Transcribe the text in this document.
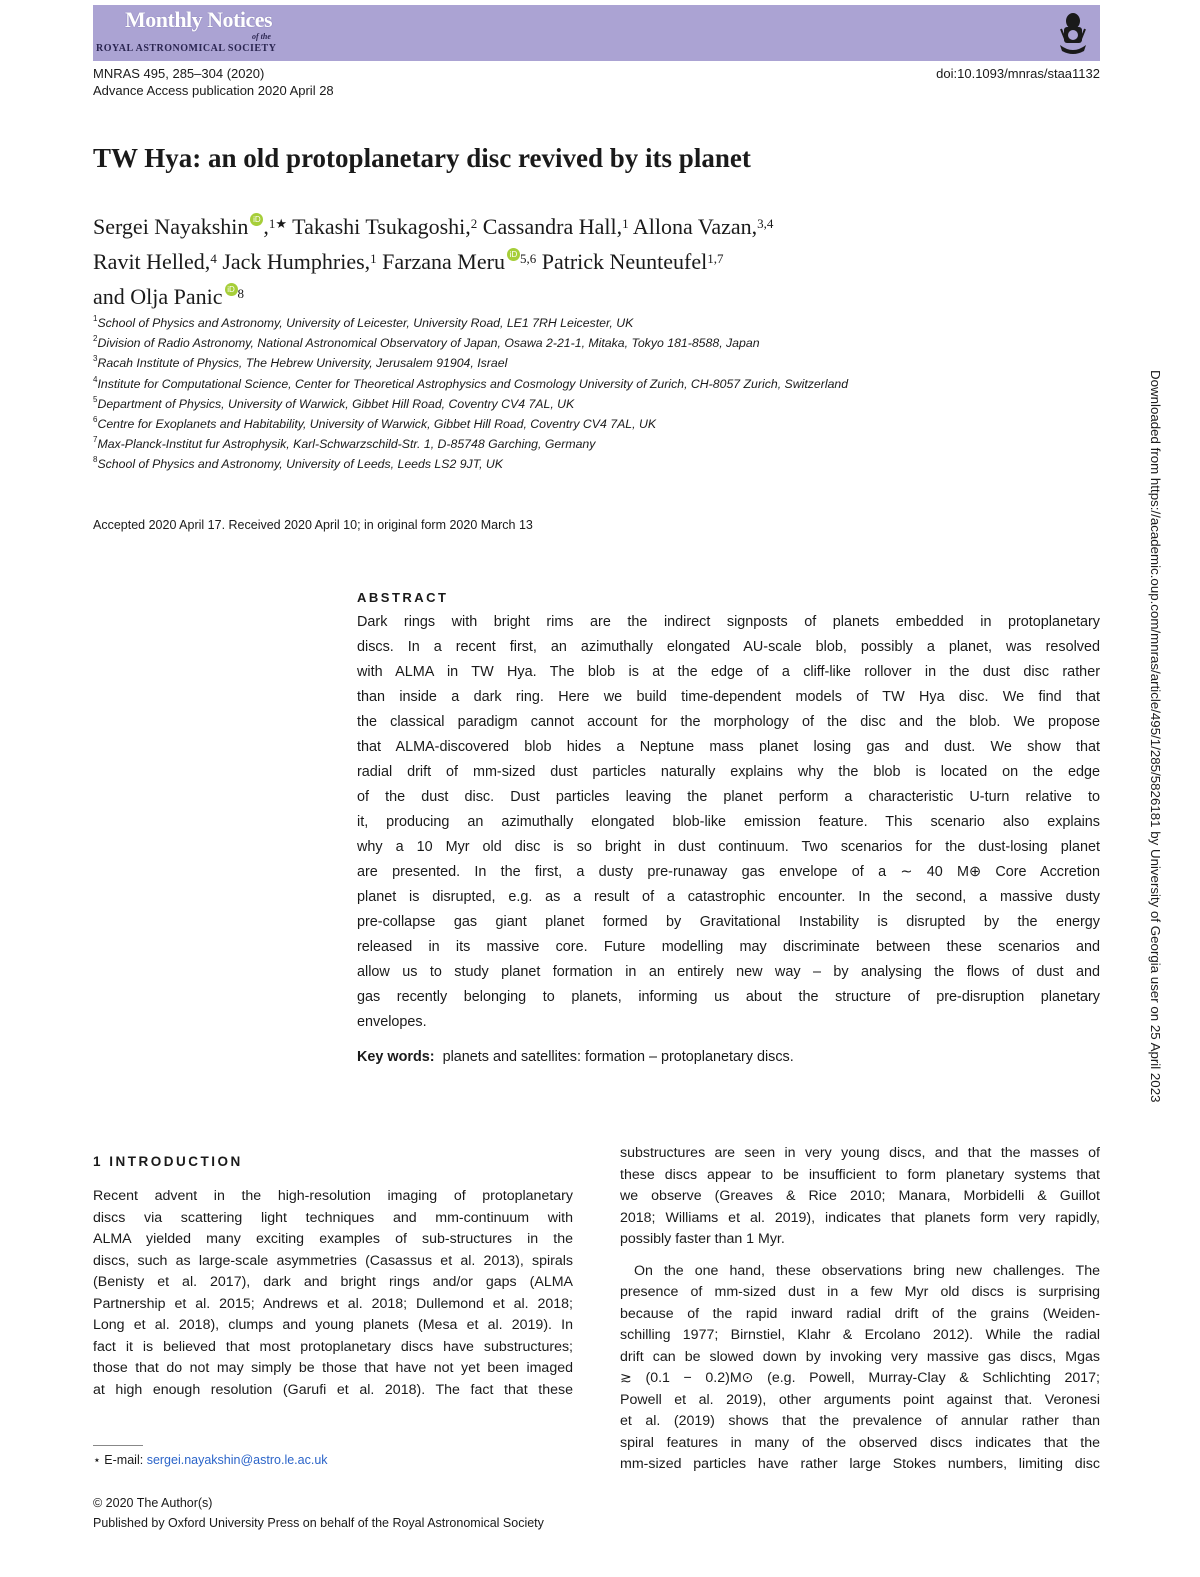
Monthly Notices
of the
ROYAL ASTRONOMICAL SOCIETY
MNRAS 495, 285–304 (2020)
Advance Access publication 2020 April 28
doi:10.1093/mnras/staa1132
TW Hya: an old protoplanetary disc revived by its planet
Sergei Nayakshin iD ,$^{1★}$ Takashi Tsukagoshi,$^2$ Cassandra Hall,$^1$ Allona Vazan,$^{3,4}$
Ravit Helled,$^4$ Jack Humphries,$^1$ Farzana Meru iD $^{5,6}$ Patrick Neunteufel$^{1,7}$
and Olja Panic iD $^8$
$^1$School of Physics and Astronomy, University of Leicester, University Road, LE1 7RH Leicester, UK
$^2$Division of Radio Astronomy, National Astronomical Observatory of Japan, Osawa 2-21-1, Mitaka, Tokyo 181-8588, Japan
$^3$Racah Institute of Physics, The Hebrew University, Jerusalem 91904, Israel
$^4$Institute for Computational Science, Center for Theoretical Astrophysics and Cosmology University of Zurich, CH-8057 Zurich, Switzerland
$^5$Department of Physics, University of Warwick, Gibbet Hill Road, Coventry CV4 7AL, UK
$^6$Centre for Exoplanets and Habitability, University of Warwick, Gibbet Hill Road, Coventry CV4 7AL, UK
$^7$Max-Planck-Institut fur Astrophysik, Karl-Schwarzschild-Str. 1, D-85748 Garching, Germany
$^8$School of Physics and Astronomy, University of Leeds, Leeds LS2 9JT, UK
Accepted 2020 April 17. Received 2020 April 10; in original form 2020 March 13
ABSTRACT
Dark rings with bright rims are the indirect signposts of planets embedded in protoplanetary
discs. In a recent first, an azimuthally elongated AU-scale blob, possibly a planet, was resolved
with ALMA in TW Hya. The blob is at the edge of a cliff-like rollover in the dust disc rather
than inside a dark ring. Here we build time-dependent models of TW Hya disc. We find that
the classical paradigm cannot account for the morphology of the disc and the blob. We propose
that ALMA-discovered blob hides a Neptune mass planet losing gas and dust. We show that
radial drift of mm-sized dust particles naturally explains why the blob is located on the edge
of the dust disc. Dust particles leaving the planet perform a characteristic U-turn relative to
it, producing an azimuthally elongated blob-like emission feature. This scenario also explains
why a 10 Myr old disc is so bright in dust continuum. Two scenarios for the dust-losing planet
are presented. In the first, a dusty pre-runaway gas envelope of a ∼ 40 M⊕ Core Accretion
planet is disrupted, e.g. as a result of a catastrophic encounter. In the second, a massive dusty
pre-collapse gas giant planet formed by Gravitational Instability is disrupted by the energy
released in its massive core. Future modelling may discriminate between these scenarios and
allow us to study planet formation in an entirely new way – by analysing the flows of dust and
gas recently belonging to planets, informing us about the structure of pre-disruption planetary
envelopes.
Key words: planets and satellites: formation – protoplanetary discs.
1 INTRODUCTION
Recent advent in the high-resolution imaging of protoplanetary
discs via scattering light techniques and mm-continuum with
ALMA yielded many exciting examples of sub-structures in the
discs, such as large-scale asymmetries (Casassus et al. 2013), spirals
(Benisty et al. 2017), dark and bright rings and/or gaps (ALMA
Partnership et al. 2015; Andrews et al. 2018; Dullemond et al. 2018;
Long et al. 2018), clumps and young planets (Mesa et al. 2019). In
fact it is believed that most protoplanetary discs have substructures;
those that do not may simply be those that have not yet been imaged
at high enough resolution (Garufi et al. 2018). The fact that these
substructures are seen in very young discs, and that the masses of
these discs appear to be insufficient to form planetary systems that
we observe (Greaves & Rice 2010; Manara, Morbidelli & Guillot
2018; Williams et al. 2019), indicates that planets form very rapidly,
possibly faster than 1 Myr.
On the one hand, these observations bring new challenges. The
presence of mm-sized dust in a few Myr old discs is surprising
because of the rapid inward radial drift of the grains (Weiden-
schilling 1977; Birnstiel, Klahr & Ercolano 2012). While the radial
drift can be slowed down by invoking very massive gas discs, Mgas
≳ (0.1 − 0.2)M⊙ (e.g. Powell, Murray-Clay & Schlichting 2017;
Powell et al. 2019), other arguments point against that. Veronesi
et al. (2019) shows that the prevalence of annular rather than
spiral features in many of the observed discs indicates that the
mm-sized particles have rather large Stokes numbers, limiting disc
Downloaded from https://academic.oup.com/mnras/article/495/1/285/5826181 by University of Georgia user on 25 April 2023
⋆ E-mail: sergei.nayakshin@astro.le.ac.uk
© 2020 The Author(s)
Published by Oxford University Press on behalf of the Royal Astronomical Society
